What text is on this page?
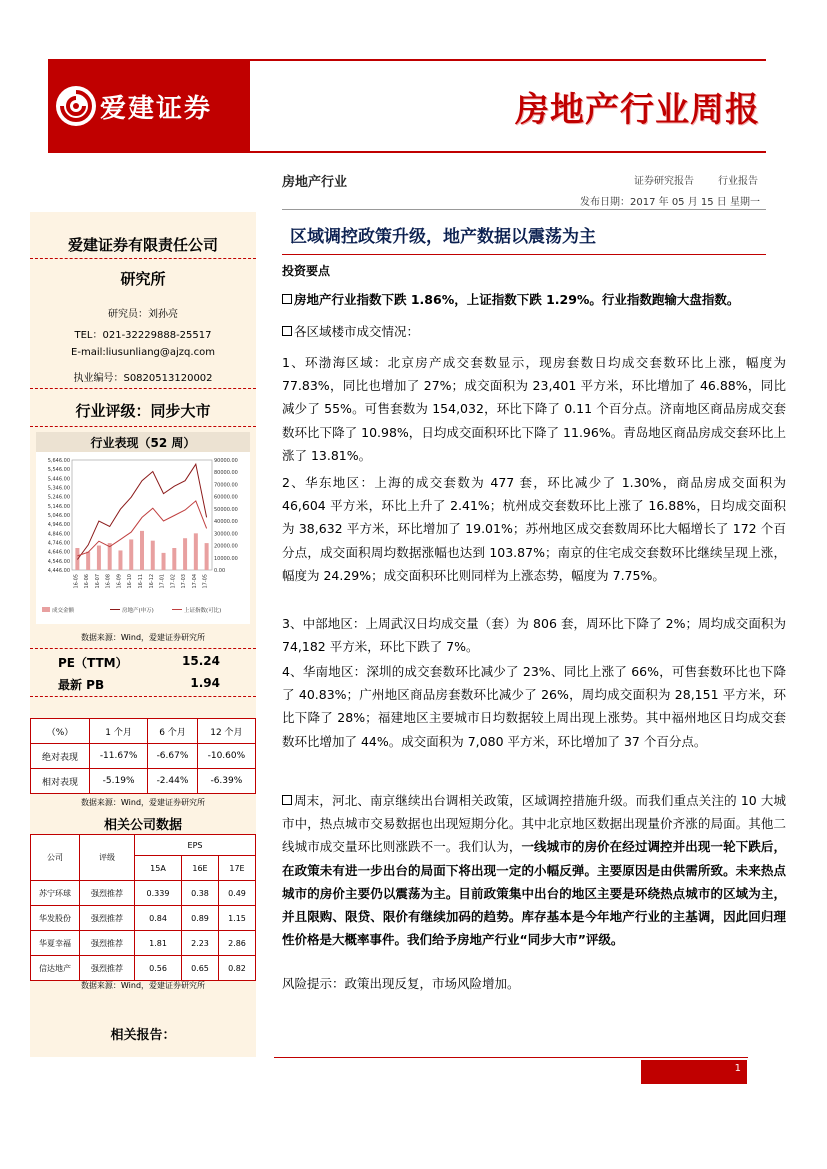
爱建证券	房地产行业周报
房地产行业	证券研究报告 行业报告
发布日期：2017 年 05 月 15 日 星期一
爱建证券有限责任公司
研究所
研究员：刘孙亮
TEL：021-32229888-25517
E-mail:liusunliang@ajzq.com
执业编号：S0820513120002
行业评级：同步大市
行业表现（52 周）
4,446.00
4,546.00
4,646.00
4,746.00
4,846.00
4,946.00
5,046.00
5,146.00
5,246.00
5,346.00
5,446.00
5,546.00
5,646.00
0.00
10000.00
20000.00
30000.00
40000.00
50000.00
60000.00
70000.00
80000.00
90000.00
16-05 16-06 16-07 16-08 16-09 16-10 16-11 16-12 17-01 17-02 17-03 17-04 17-05
成交金额	房地产(申万)	上证指数(可比)
数据来源：Wind，爱建证券研究所
PE（TTM）	15.24
最新 PB	1.94
（%）	1 个月	6 个月	12 个月
绝对表现	-11.67%	-6.67%	-10.60%
相对表现	-5.19%	-2.44%	-6.39%
数据来源：Wind，爱建证券研究所
相关公司数据
公司	评级	EPS		
		15A	16E	17E
苏宁环球	强烈推荐	0.339	0.38	0.49
华发股份	强烈推荐	0.84	0.89	1.15
华夏幸福	强烈推荐	1.81	2.23	2.86
信达地产	强烈推荐	0.56	0.65	0.82
数据来源：Wind，爱建证券研究所
相关报告：
区域调控政策升级，地产数据以震荡为主
投资要点
房地产行业指数下跌 1.86%，上证指数下跌 1.29%。行业指数跑输大盘指数。
各区域楼市成交情况：
1、环渤海区域：北京房产成交套数显示，现房套数日均成交套数环比上涨，幅度为 77.83%，同比也增加了 27%；成交面积为 23,401 平方米，环比增加了 46.88%，同比减少了 55%。可售套数为 154,032，环比下降了 0.11 个百分点。济南地区商品房成交套数环比下降了 10.98%，日均成交面积环比下降了 11.96%。青岛地区商品房成交套环比上涨了 13.81%。
2、华东地区：上海的成交套数为 477 套，环比减少了 1.30%，商品房成交面积为 46,604 平方米，环比上升了 2.41%；杭州成交套数环比上涨了 16.88%，日均成交面积为 38,632 平方米，环比增加了 19.01%；苏州地区成交套数周环比大幅增长了 172 个百分点，成交面积周均数据涨幅也达到 103.87%；南京的住宅成交套数环比继续呈现上涨，幅度为 24.29%；成交面积环比则同样为上涨态势，幅度为 7.75%。
3、中部地区：上周武汉日均成交量（套）为 806 套，周环比下降了 2%；周均成交面积为 74,182 平方米，环比下跌了 7%。
4、华南地区：深圳的成交套数环比减少了 23%、同比上涨了 66%，可售套数环比也下降了 40.83%；广州地区商品房套数环比减少了 26%，周均成交面积为 28,151 平方米，环比下降了 28%；福建地区主要城市日均数据较上周出现上涨势。其中福州地区日均成交套数环比增加了 44%。成交面积为 7,080 平方米，环比增加了 37 个百分点。
周末，河北、南京继续出台调相关政策，区域调控措施升级。而我们重点关注的 10 大城市中，热点城市交易数据也出现短期分化。其中北京地区数据出现量价齐涨的局面。其他二线城市成交量环比则涨跌不一。我们认为，一线城市的房价在经过调控并出现一轮下跌后，在政策未有进一步出台的局面下将出现一定的小幅反弹。主要原因是由供需所致。未来热点城市的房价主要仍以震荡为主。目前政策集中出台的地区主要是环绕热点城市的区域为主，并且限购、限贷、限价有继续加码的趋势。库存基本是今年地产行业的主基调，因此回归理性价格是大概率事件。我们给予房地产行业“同步大市”评级。
风险提示：政策出现反复，市场风险增加。
1
